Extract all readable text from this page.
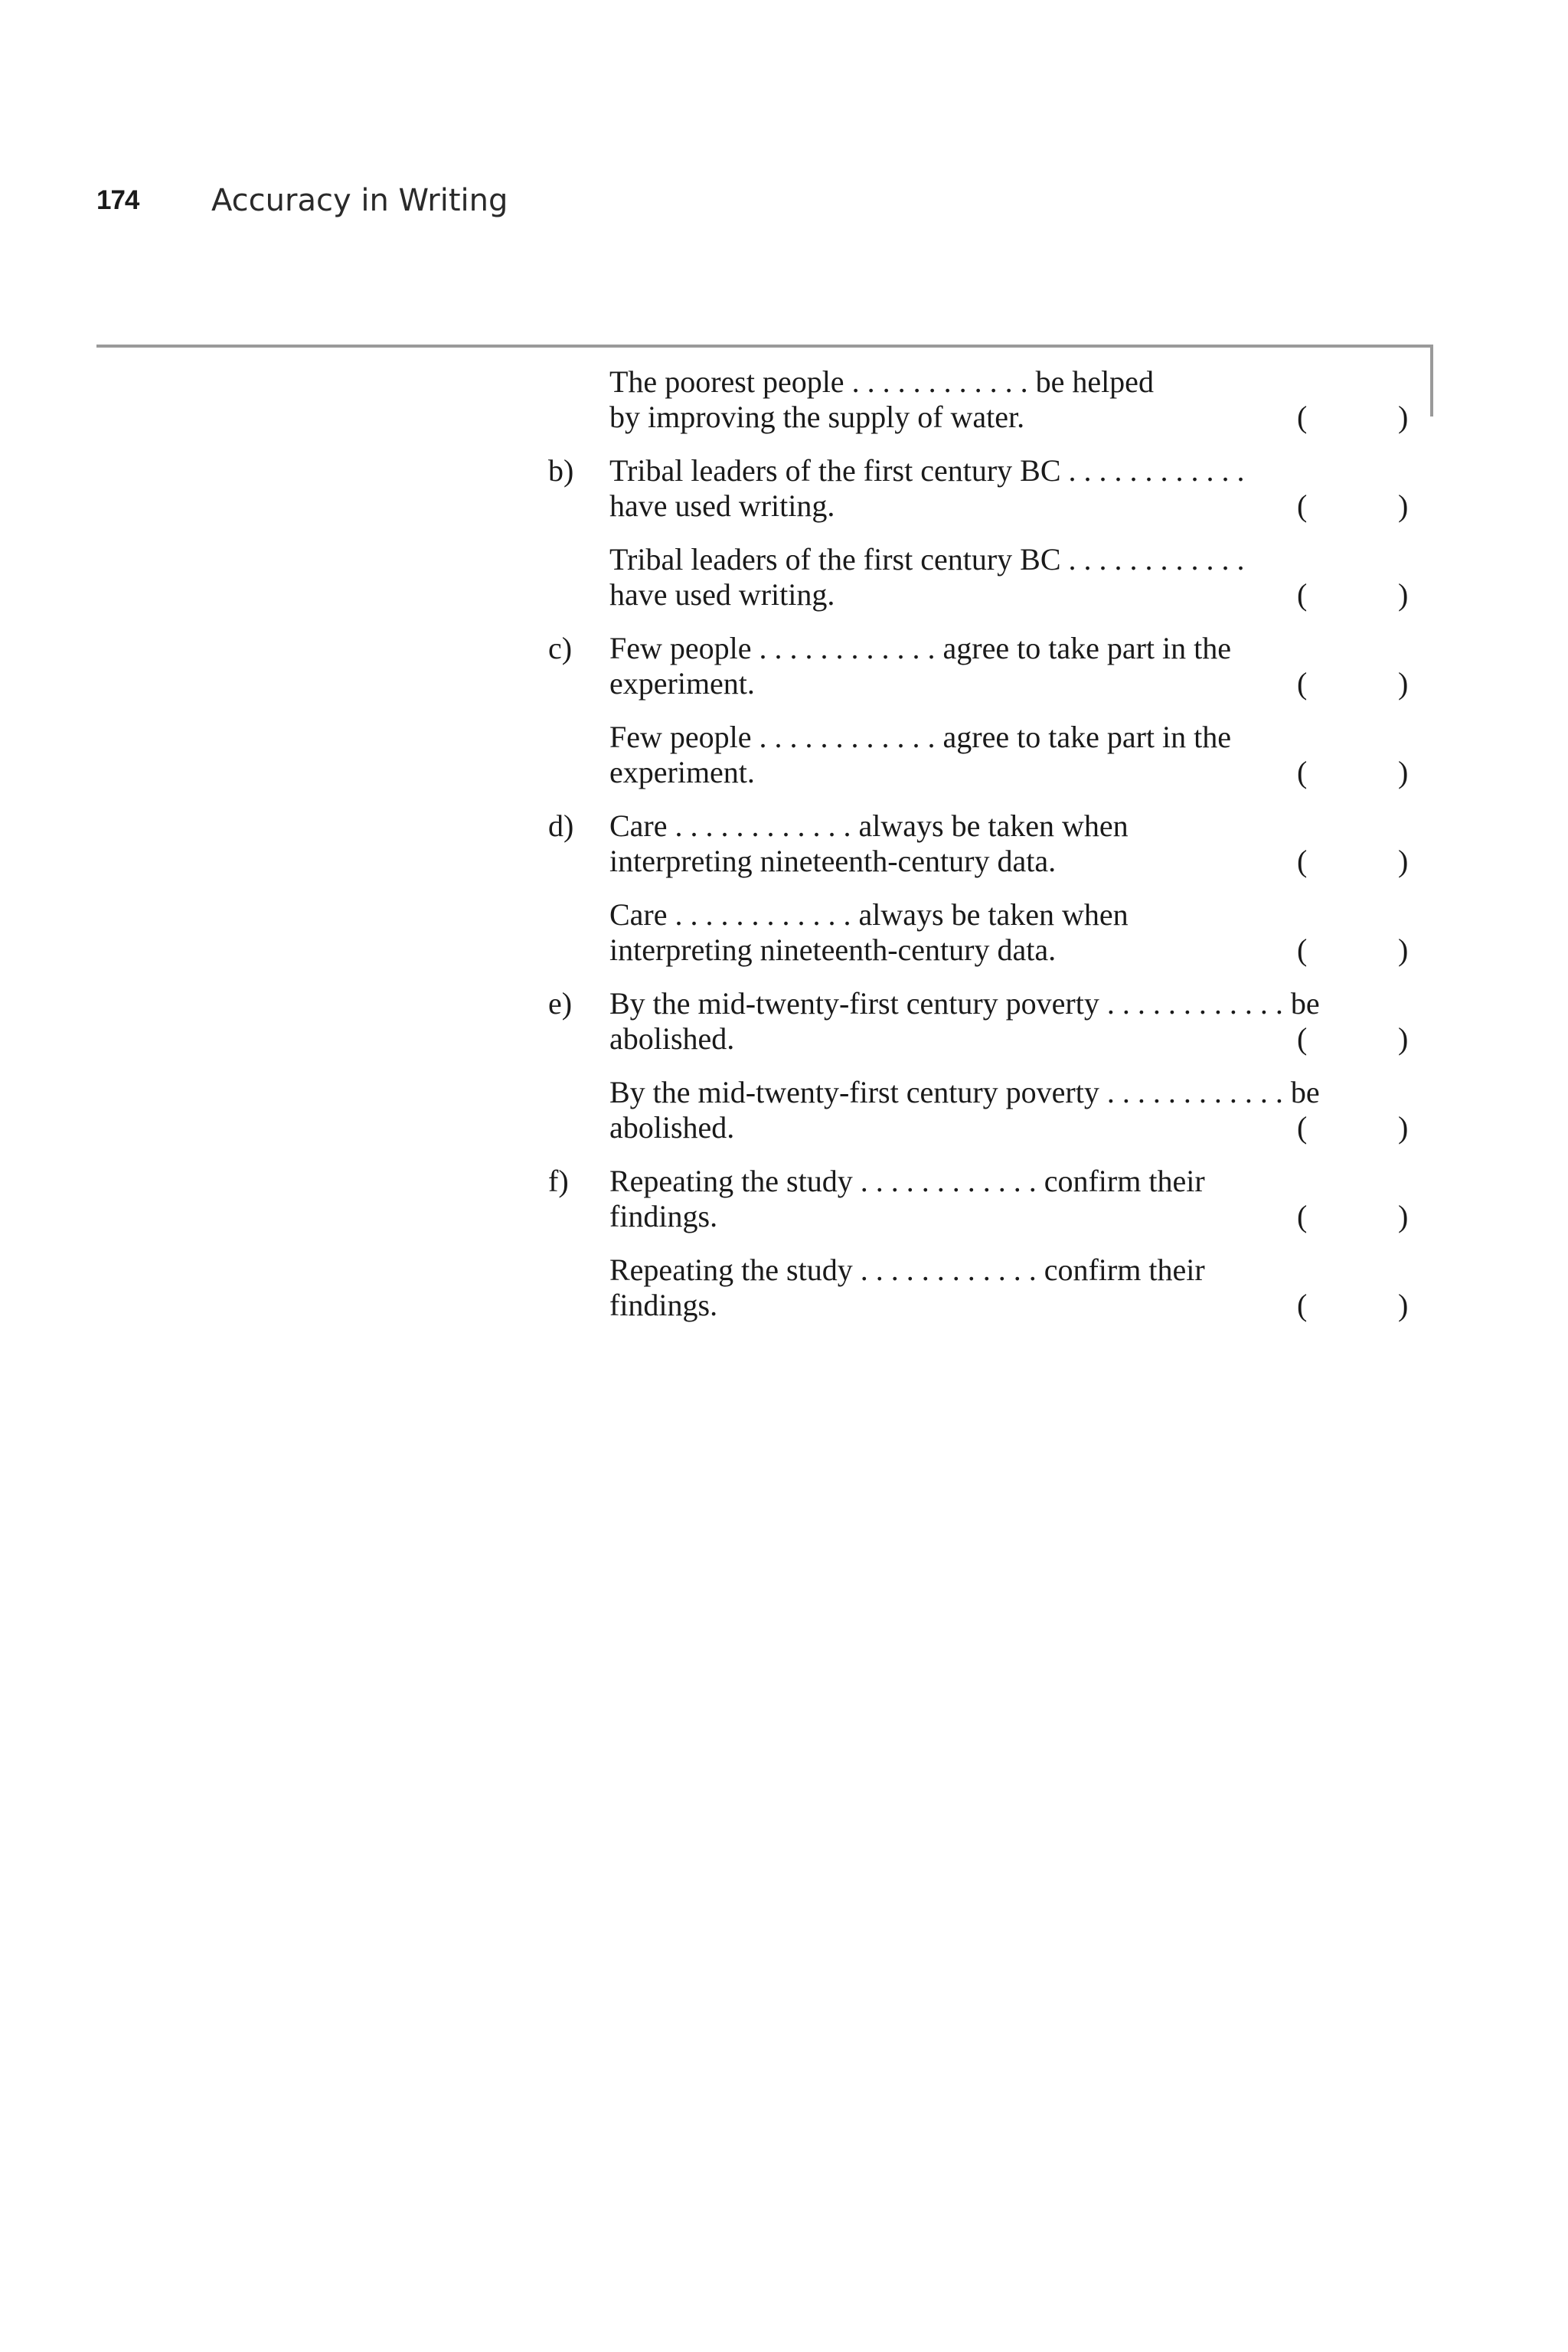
174	Accuracy in Writing
The poorest people . . . . . . . . . . . . be helped
by improving the supply of water.	(	)
b) Tribal leaders of the first century BC . . . . . . . . . . . .
have used writing.	(	)
Tribal leaders of the first century BC . . . . . . . . . . . .
have used writing.	(	)
c) Few people . . . . . . . . . . . . agree to take part in the
experiment.	(	)
Few people . . . . . . . . . . . . agree to take part in the
experiment.	(	)
d) Care . . . . . . . . . . . . always be taken when
interpreting nineteenth-century data.	(	)
Care . . . . . . . . . . . . always be taken when
interpreting nineteenth-century data.	(	)
e) By the mid-twenty-first century poverty . . . . . . . . . . . . be
abolished.	(	)
By the mid-twenty-first century poverty . . . . . . . . . . . . be
abolished.	(	)
f) Repeating the study . . . . . . . . . . . . confirm their
findings.	(	)
Repeating the study . . . . . . . . . . . . confirm their
findings.	(	)
